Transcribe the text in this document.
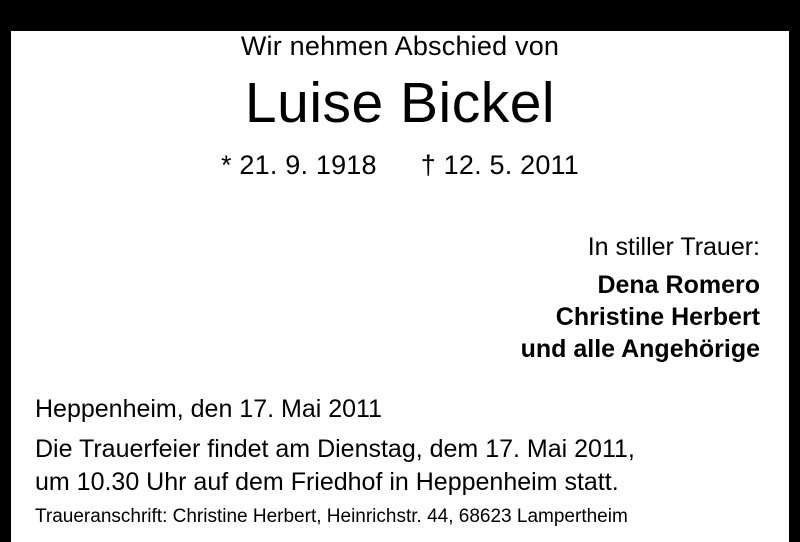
Wir nehmen Abschied von
Luise Bickel
* 21. 9. 1918 † 12. 5. 2011
In stiller Trauer:
Dena Romero
Christine Herbert
und alle Angehörige
Heppenheim, den 17. Mai 2011
Die Trauerfeier findet am Dienstag, dem 17. Mai 2011,
um 10.30 Uhr auf dem Friedhof in Heppenheim statt.
Traueranschrift: Christine Herbert, Heinrichstr. 44, 68623 Lampertheim
